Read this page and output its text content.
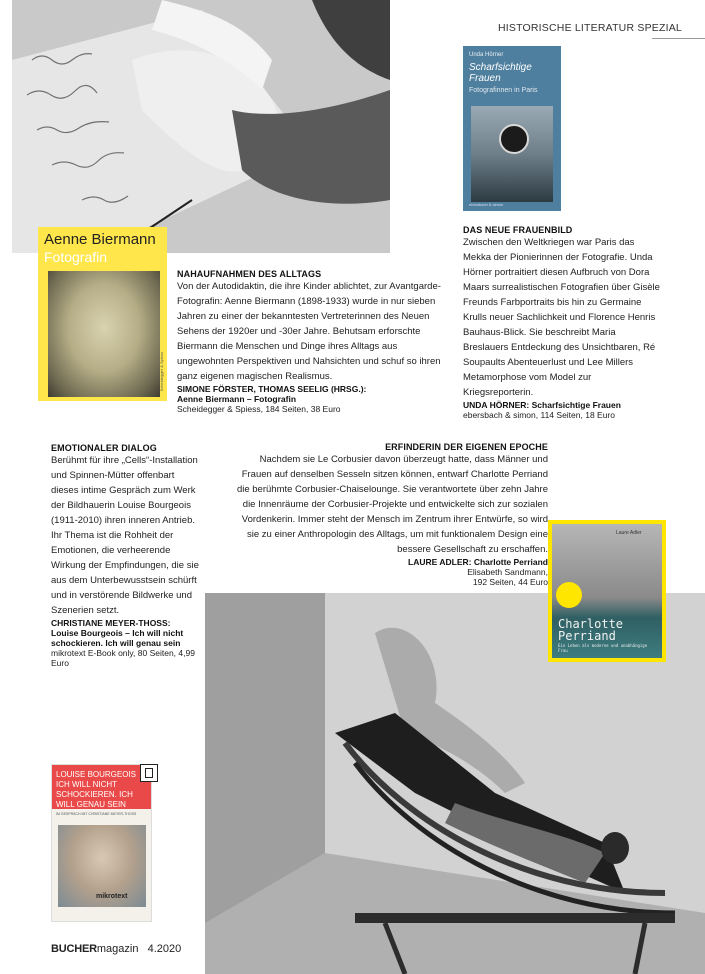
HISTORISCHE LITERATUR SPEZIAL
Aenne Biermann
Fotografin
Scheidegger & Spiess
NAHAUFNAHMEN DES ALLTAGS
Von der Autodidaktin, die ihre Kinder ablichtet, zur Avantgarde-Fotografin: Aenne Biermann (1898-1933) wurde in nur sieben Jahren zu einer der bekanntesten Vertreterinnen des Neuen Sehens der 1920er und -30er Jahre. Behutsam erforschte Biermann die Menschen und Dinge ihres Alltags aus ungewohnten Perspektiven und Nahsichten und schuf so ihren ganz eigenen magischen Realismus.
SIMONE FÖRSTER, THOMAS SEELIG (HRSG.):
Aenne Biermann – Fotografin
Scheidegger & Spiess, 184 Seiten, 38 Euro
Unda Hörner
Scharfsichtige Frauen
Fotografinnen in Paris
ebersbach & simon
DAS NEUE FRAUENBILD
Zwischen den Weltkriegen war Paris das Mekka der Pionierinnen der Fotografie. Unda Hörner portraitiert diesen Aufbruch von Dora Maars surrealistischen Fotografien über Gisèle Freunds Farbportraits bis hin zu Germaine Krulls neuer Sachlichkeit und Florence Henris Bauhaus-Blick. Sie beschreibt Maria Breslauers Entdeckung des Unsichtbaren, Ré Soupaults Abenteuerlust und Lee Millers Metamorphose vom Model zur Kriegsreporterin.
UNDA HÖRNER: Scharfsichtige Frauen
ebersbach & simon, 114 Seiten, 18 Euro
ERFINDERIN DER EIGENEN EPOCHE
Nachdem sie Le Corbusier davon überzeugt hatte, dass Männer und Frauen auf denselben Sesseln sitzen können, entwarf Charlotte Perriand die berühmte Corbusier-Chaiselounge. Sie verantwortete über zehn Jahre die Innenräume der Corbusier-Projekte und entwickelte sich zur sozialen Vordenkerin. Immer steht der Mensch im Zentrum ihrer Entwürfe, so wird sie zu einer Anthropologin des Alltags, um mit funktionalem Design eine bessere Gesellschaft zu erschaffen.
LAURE ADLER: Charlotte Perriand
Elisabeth Sandmann,
192 Seiten, 44 Euro
EMOTIONALER DIALOG
Berühmt für ihre „Cells“-Installation und Spinnen-Mütter offenbart dieses intime Gespräch zum Werk der Bildhauerin Louise Bourgeois (1911-2010) ihren inneren Antrieb. Ihr Thema ist die Rohheit der Emotionen, die verheerende Wirkung der Empfindungen, die sie aus dem Unterbewusstsein schürft und in verstörende Bildwerke und Szenerien setzt.
CHRISTIANE MEYER-THOSS:
Louise Bourgeois – Ich will nicht schockieren. Ich will genau sein
mikrotext E-Book only, 80 Seiten, 4,99 Euro
Laure Adler
Charlotte Perriand
Ein Leben als moderne und unabhängige Frau
LOUISE BOURGEOIS ICH WILL NICHT SCHOCKIEREN. ICH WILL GENAU SEIN
IM GESPRÄCH MIT CHRISTIANE MEYER-THOSS
mikrotext
BUCHERmagazin 4.2020
